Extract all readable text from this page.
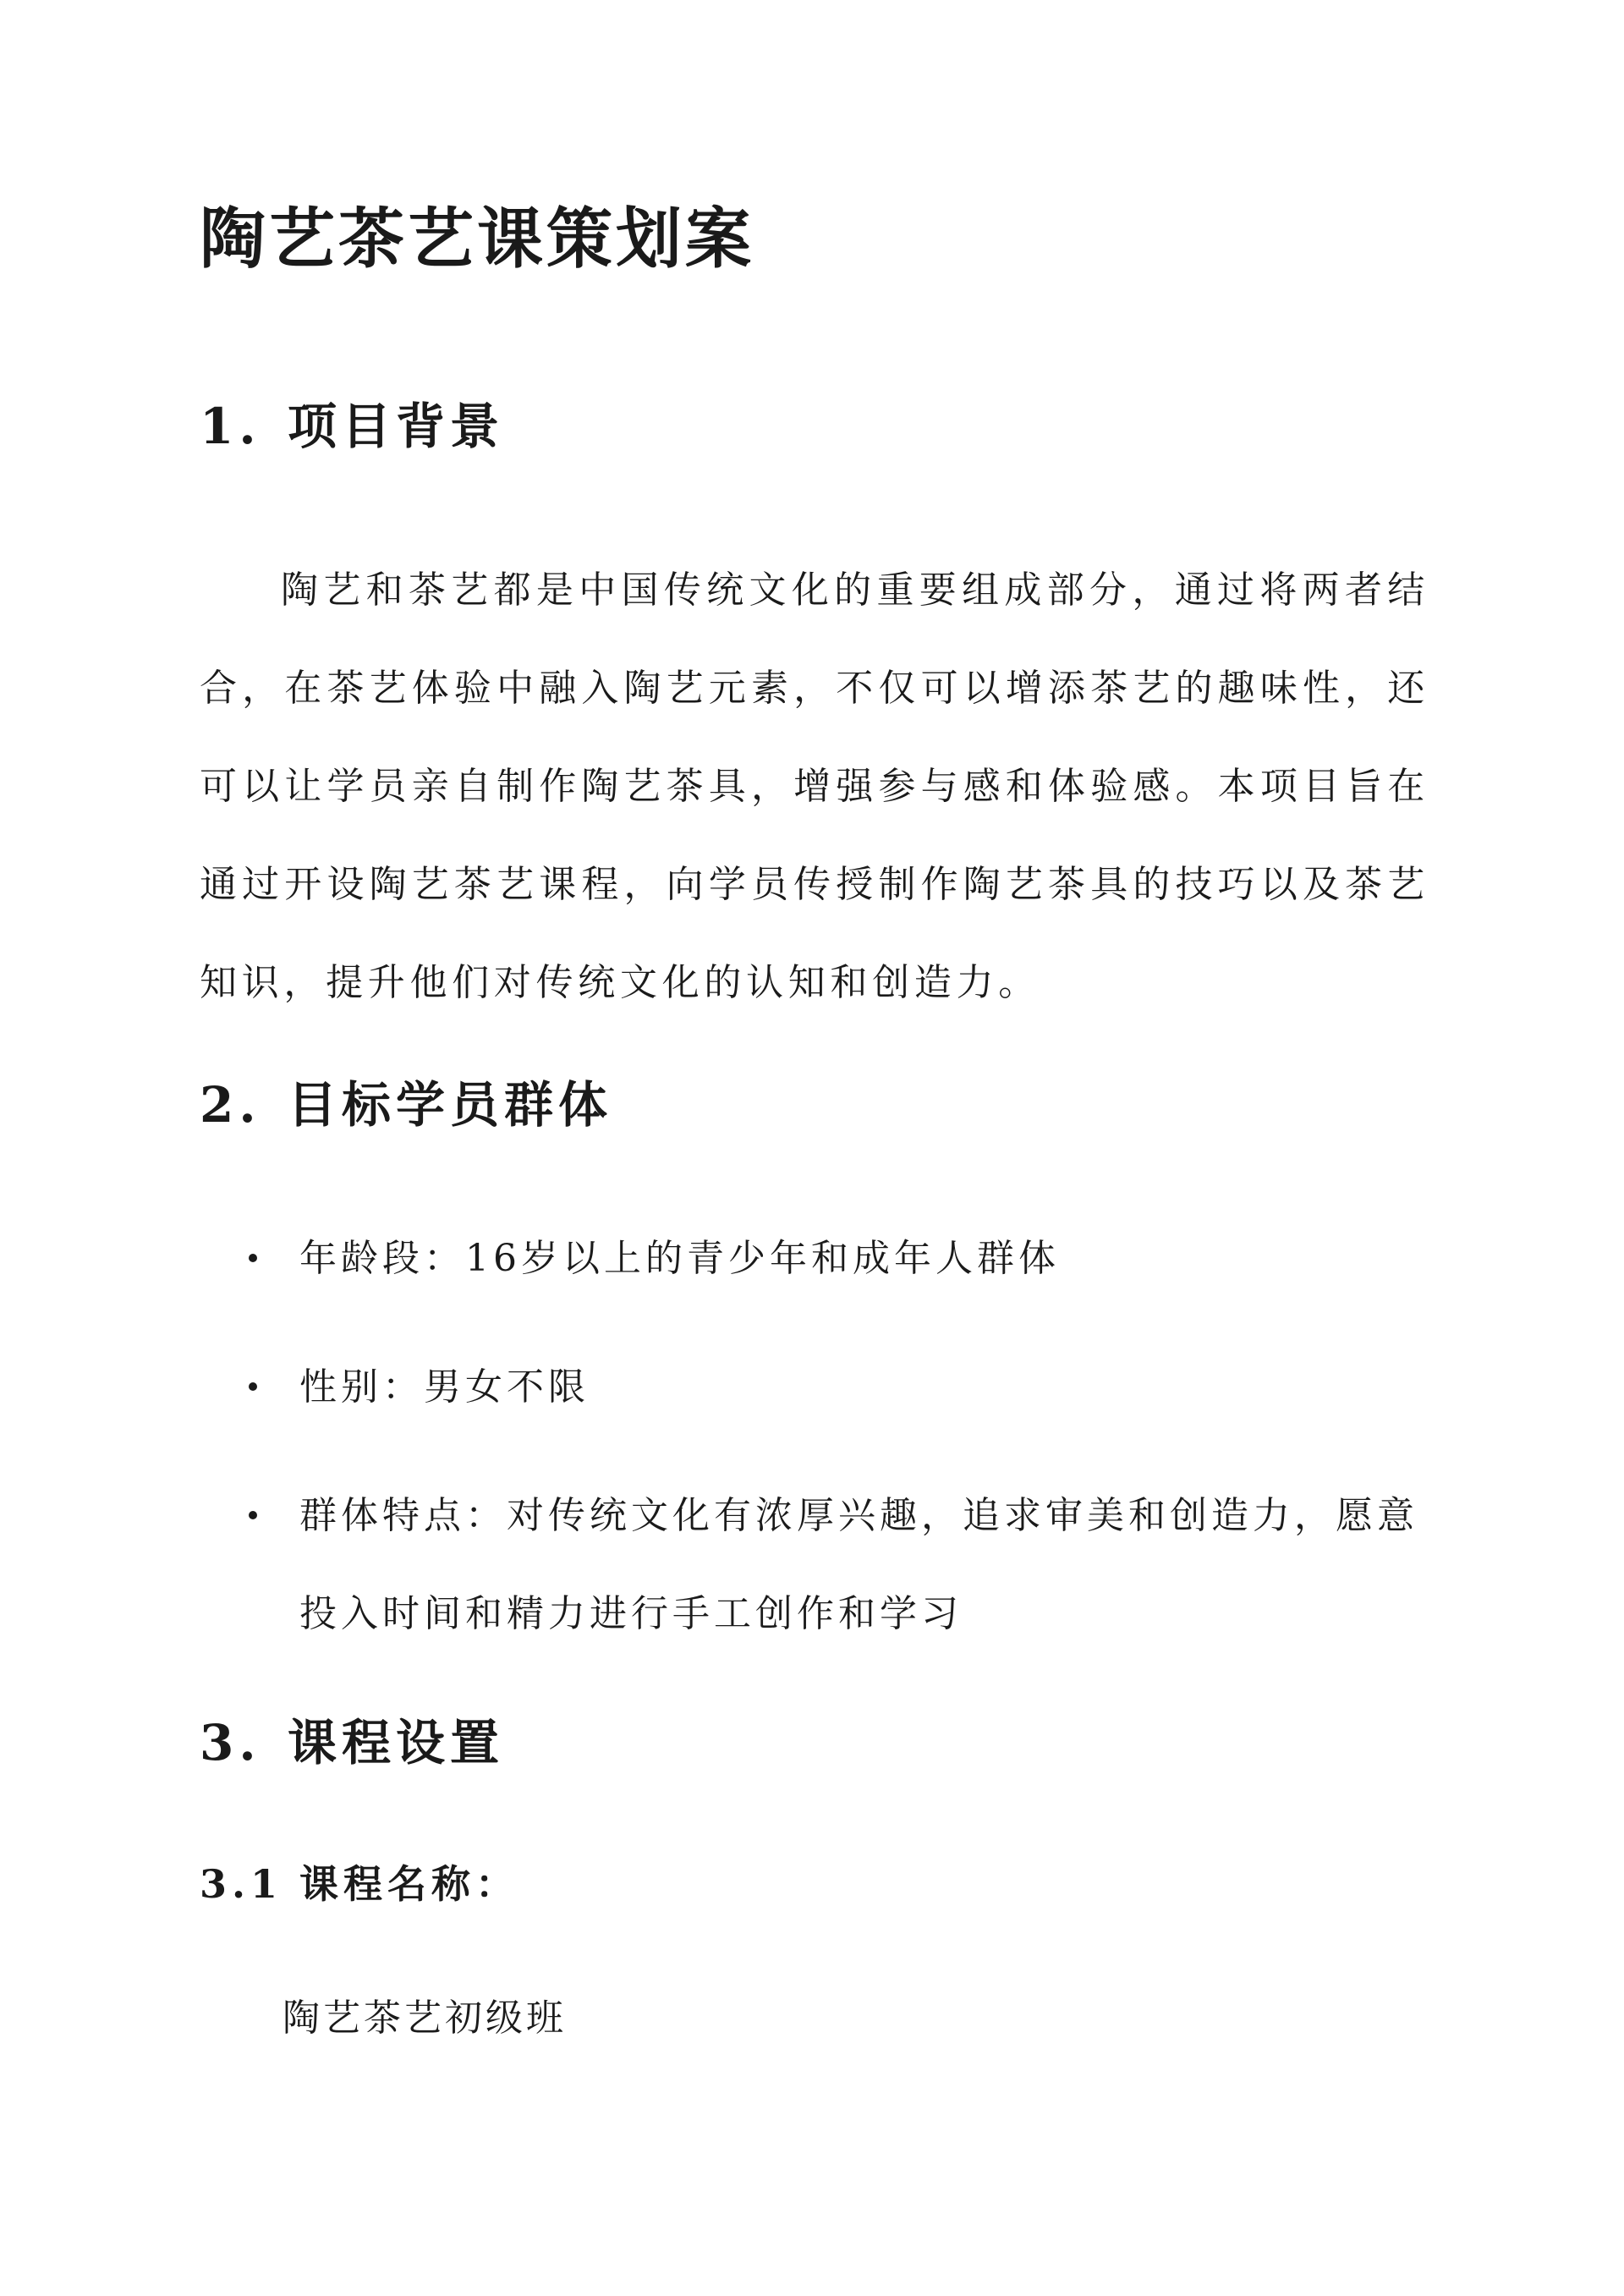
陶艺茶艺课策划案
1. 项目背景

陶艺和茶艺都是中国传统文化的重要组成部分，通过将两者结合，在茶艺体验中融入陶艺元素，不仅可以增添茶艺的趣味性，还可以让学员亲自制作陶艺茶具，增强参与感和体验感。本项目旨在通过开设陶艺茶艺课程，向学员传授制作陶艺茶具的技巧以及茶艺知识，提升他们对传统文化的认知和创造力。

2. 目标学员群体
年龄段：16岁以上的青少年和成年人群体
性别：男女不限
群体特点：对传统文化有浓厚兴趣，追求审美和创造力，愿意投入时间和精力进行手工创作和学习
3. 课程设置
3.1 课程名称：

陶艺茶艺初级班
